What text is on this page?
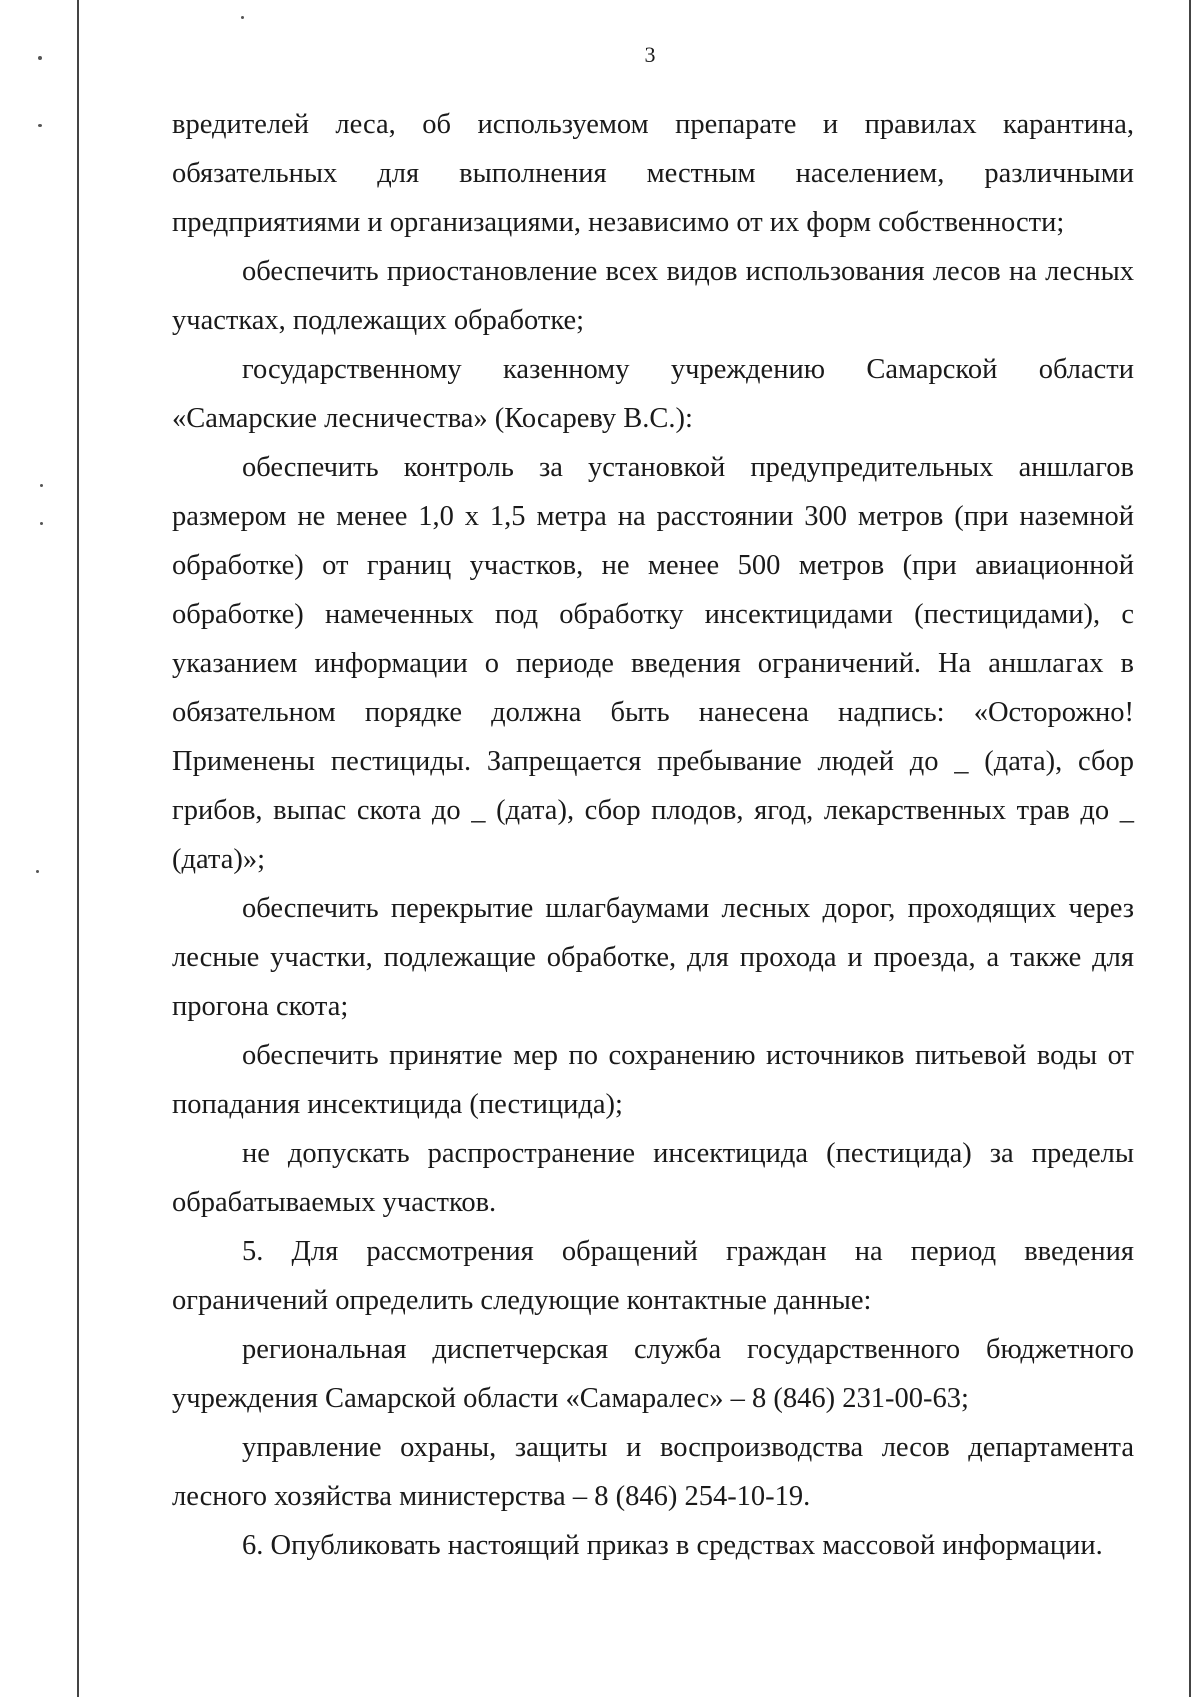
3

вредителей леса, об используемом препарате и правилах карантина, обязательных для выполнения местным населением, различными предприятиями и организациями, независимо от их форм собственности;

обеспечить приостановление всех видов использования лесов на лесных участках, подлежащих обработке;

государственному казенному учреждению Самарской области «Самарские лесничества» (Косареву В.С.):

обеспечить контроль за установкой предупредительных аншлагов размером не менее 1,0 х 1,5 метра на расстоянии 300 метров (при наземной обработке) от границ участков, не менее 500 метров (при авиационной обработке) намеченных под обработку инсектицидами (пестицидами), с указанием информации о периоде введения ограничений. На аншлагах в обязательном порядке должна быть нанесена надпись: «Осторожно! Применены пестициды. Запрещается пребывание людей до _ (дата), сбор грибов, выпас скота до _ (дата), сбор плодов, ягод, лекарственных трав до _ (дата)»;

обеспечить перекрытие шлагбаумами лесных дорог, проходящих через лесные участки, подлежащие обработке, для прохода и проезда, а также для прогона скота;

обеспечить принятие мер по сохранению источников питьевой воды от попадания инсектицида (пестицида);

не допускать распространение инсектицида (пестицида) за пределы обрабатываемых участков.

5. Для рассмотрения обращений граждан на период введения ограничений определить следующие контактные данные:

региональная диспетчерская служба государственного бюджетного учреждения Самарской области «Самаралес» – 8 (846) 231-00-63;

управление охраны, защиты и воспроизводства лесов департамента лесного хозяйства министерства – 8 (846) 254-10-19.

6. Опубликовать настоящий приказ в средствах массовой информации.
